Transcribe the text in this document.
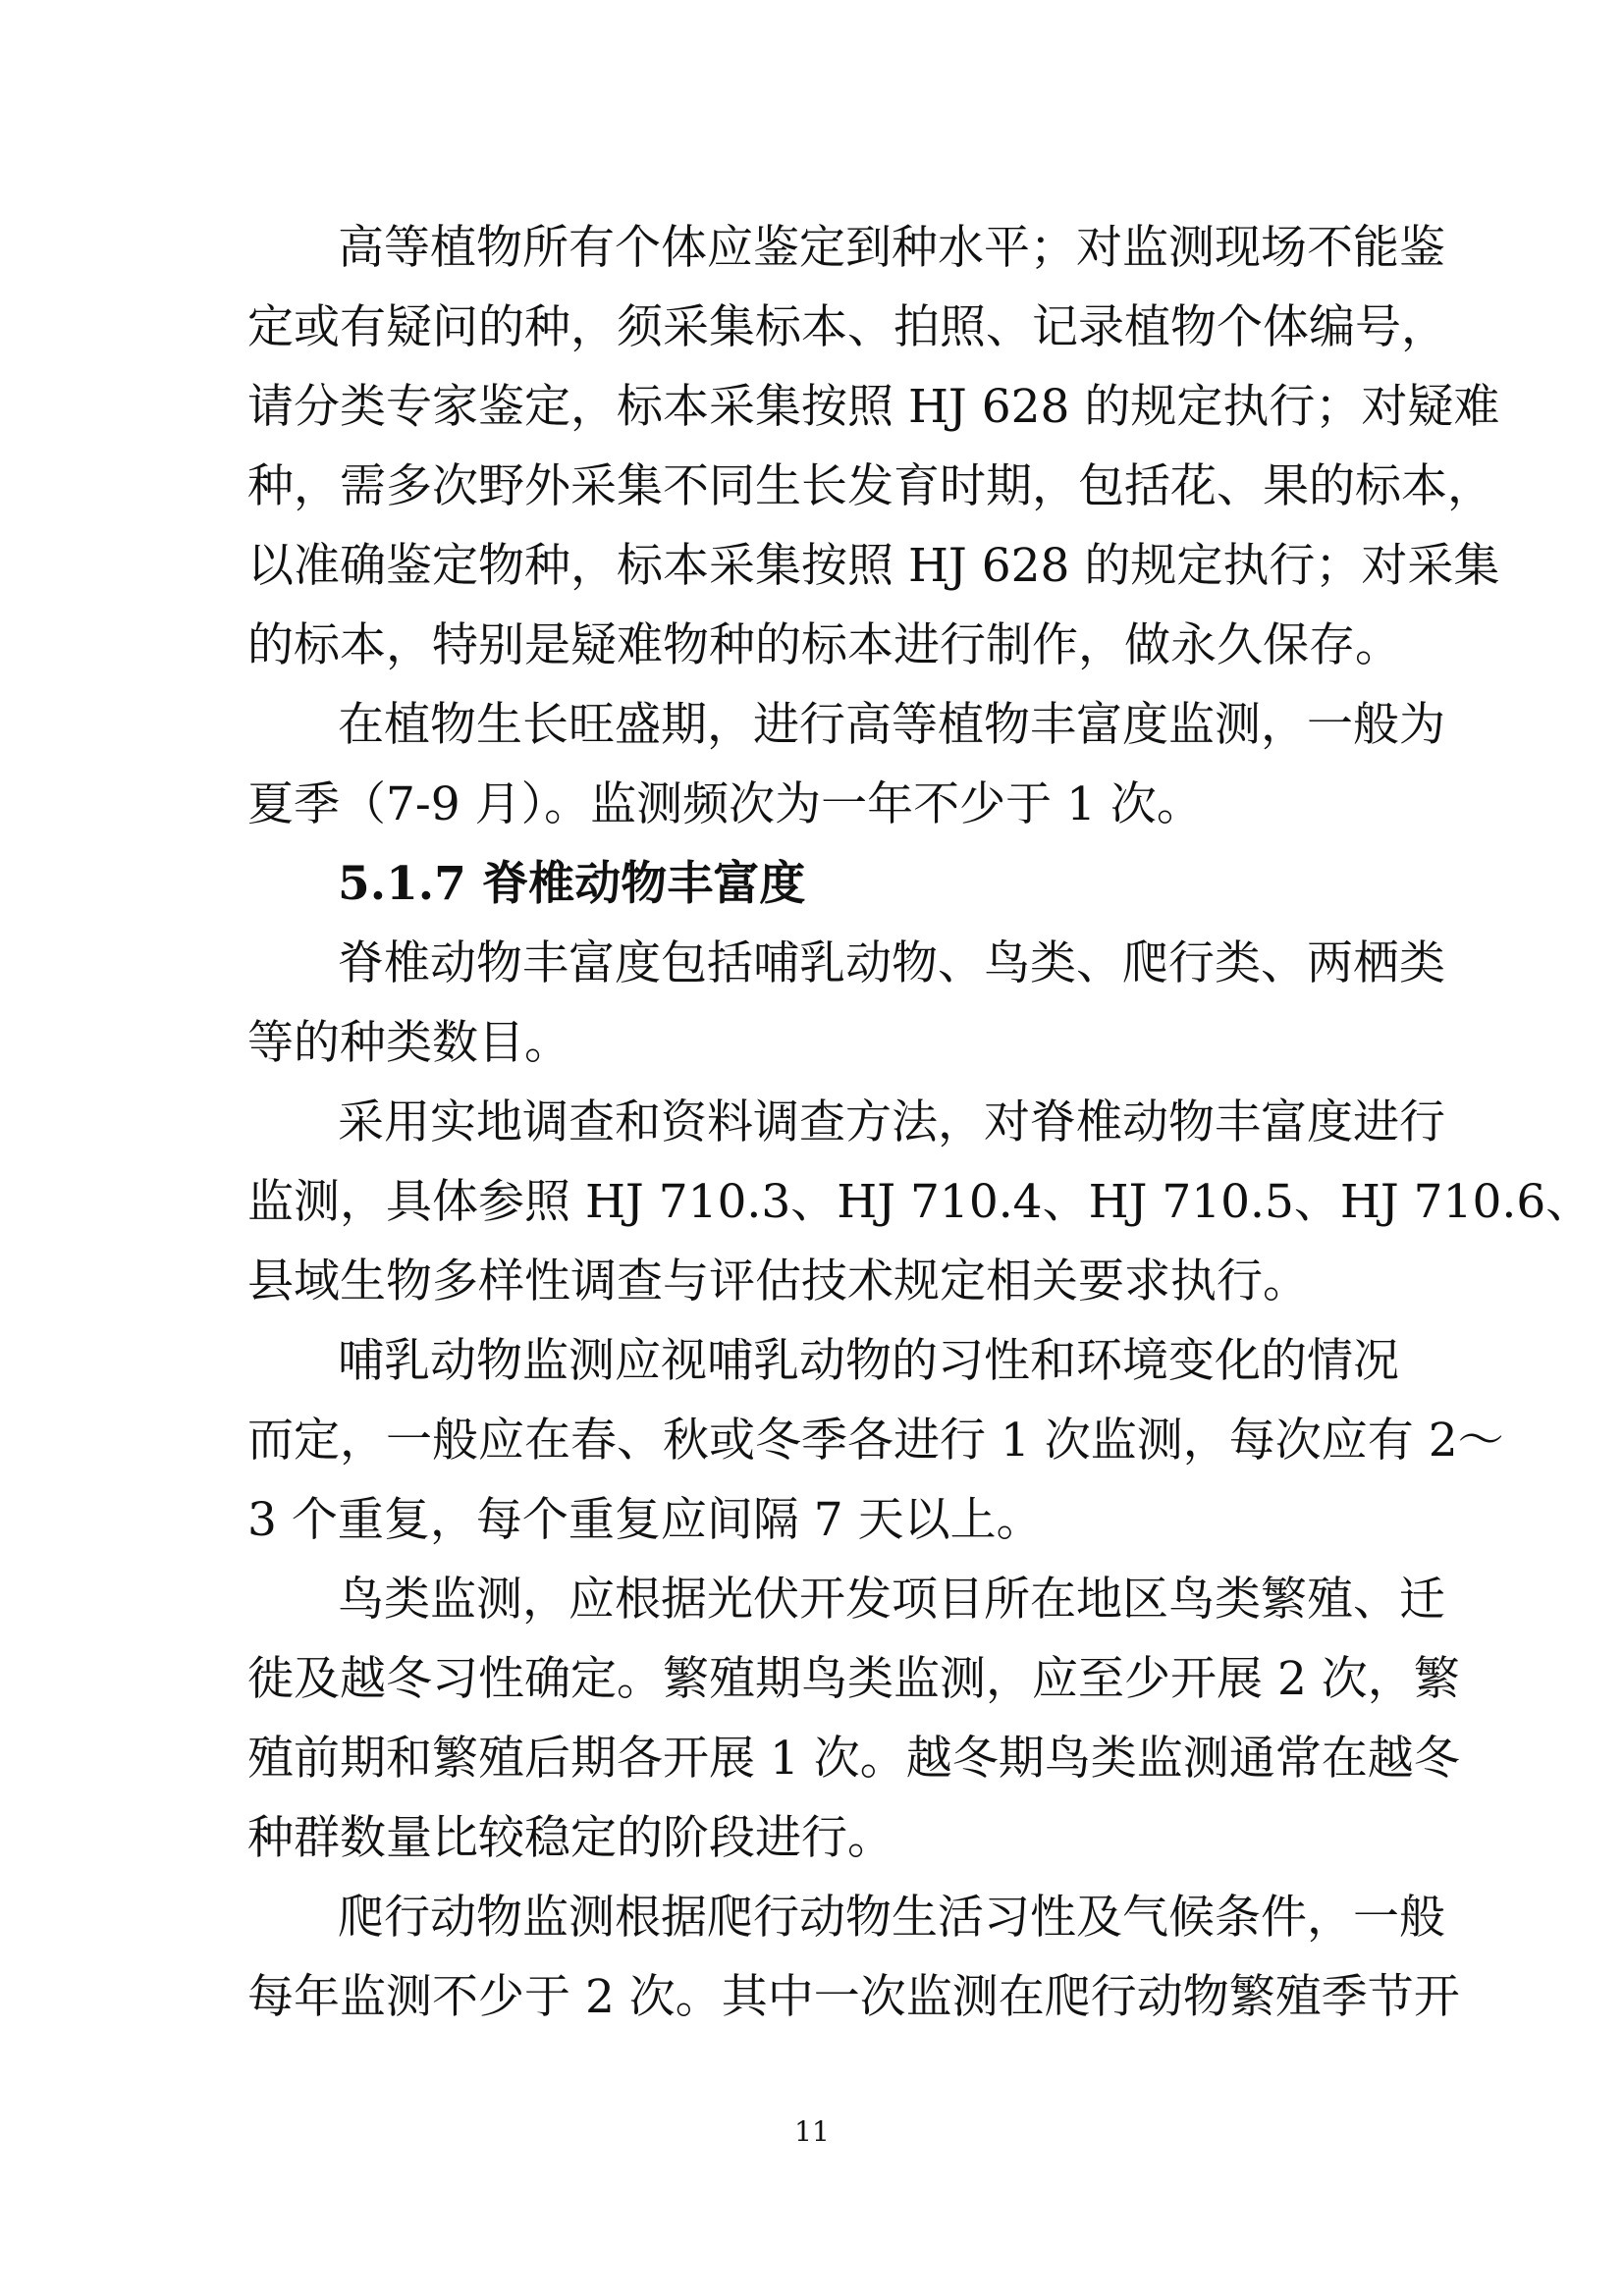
高等植物所有个体应鉴定到种水平；对监测现场不能鉴
定或有疑问的种，须采集标本、拍照、记录植物个体编号，
请分类专家鉴定，标本采集按照 HJ 628 的规定执行；对疑难
种，需多次野外采集不同生长发育时期，包括花、果的标本，
以准确鉴定物种，标本采集按照 HJ 628 的规定执行；对采集
的标本，特别是疑难物种的标本进行制作，做永久保存。
在植物生长旺盛期，进行高等植物丰富度监测，一般为
夏季（7-9 月）。监测频次为一年不少于 1 次。
5.1.7 脊椎动物丰富度
脊椎动物丰富度包括哺乳动物、鸟类、爬行类、两栖类
等的种类数目。
采用实地调查和资料调查方法，对脊椎动物丰富度进行
监测，具体参照 HJ 710.3、HJ 710.4、HJ 710.5、HJ 710.6、
县域生物多样性调查与评估技术规定相关要求执行。
哺乳动物监测应视哺乳动物的习性和环境变化的情况
而定，一般应在春、秋或冬季各进行 1 次监测，每次应有 2～
3 个重复，每个重复应间隔 7 天以上。
鸟类监测，应根据光伏开发项目所在地区鸟类繁殖、迁
徙及越冬习性确定。繁殖期鸟类监测，应至少开展 2 次，繁
殖前期和繁殖后期各开展 1 次。越冬期鸟类监测通常在越冬
种群数量比较稳定的阶段进行。
爬行动物监测根据爬行动物生活习性及气候条件，一般
每年监测不少于 2 次。其中一次监测在爬行动物繁殖季节开
11
